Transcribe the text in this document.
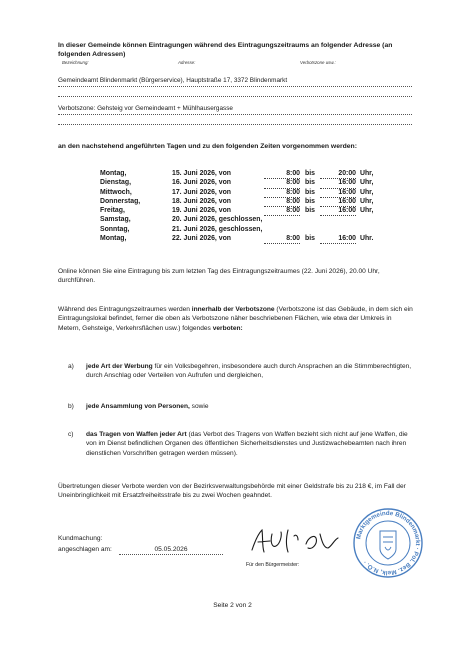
In dieser Gemeinde können Eintragungen während des Eintragungszeitraums an folgender Adresse (an folgenden Adressen)

Bezeichnung:	Adresse:	Verbotszone usw.:
Gemeindeamt Blindenmarkt (Bürgerservice), Hauptstraße 17, 3372 Blindenmarkt
Verbotszone: Gehsteig vor Gemeindeamt + Mühlhausergasse

an den nachstehend angeführten Tagen und zu den folgenden Zeiten vorgenommen werden:

Montag,	15. Juni 2026, von	8:00 bis	20:00 Uhr,
Dienstag,	16. Juni 2026, von	8:00 bis	16:00 Uhr,
Mittwoch,	17. Juni 2026, von	8:00 bis	16:00 Uhr,
Donnerstag,	18. Juni 2026, von	8:00 bis	16:00 Uhr,
Freitag,	19. Juni 2026, von	8:00 bis	16:00 Uhr,
Samstag,	20. Juni 2026, geschlossen,
Sonntag,	21. Juni 2026, geschlossen,
Montag,	22. Juni 2026, von	8:00 bis	16:00 Uhr.

Online können Sie eine Eintragung bis zum letzten Tag des Eintragungszeitraumes (22. Juni 2026), 20.00 Uhr, durchführen.

Während des Eintragungszeitraumes werden innerhalb der Verbotszone (Verbotszone ist das Gebäude, in dem sich ein Eintragungslokal befindet, ferner die oben als Verbotszone näher beschriebenen Flächen, wie etwa der Umkreis in Metern, Gehsteige, Verkehrsflächen usw.) folgendes verboten:

a)	jede Art der Werbung für ein Volksbegehren, insbesondere auch durch Ansprachen an die Stimmberechtigten, durch Anschlag oder Verteilen von Aufrufen und dergleichen,

b)	jede Ansammlung von Personen, sowie

c)	das Tragen von Waffen jeder Art (das Verbot des Tragens von Waffen bezieht sich nicht auf jene Waffen, die von im Dienst befindlichen Organen des öffentlichen Sicherheitsdienstes und Justizwachebeamten nach ihren dienstlichen Vorschriften getragen werden müssen).

Übertretungen dieser Verbote werden von der Bezirksverwaltungsbehörde mit einer Geldstrafe bis zu 218 €, im Fall der Uneinbringlichkeit mit Ersatzfreiheitsstrafe bis zu zwei Wochen geahndet.

Kundmachung:
angeschlagen am:	05.05.2026
Für den Bürgermeister:
Marktgemeinde Blindenmarkt · Pol. Bez. Melk, N.Ö. ·
Seite 2 von 2
